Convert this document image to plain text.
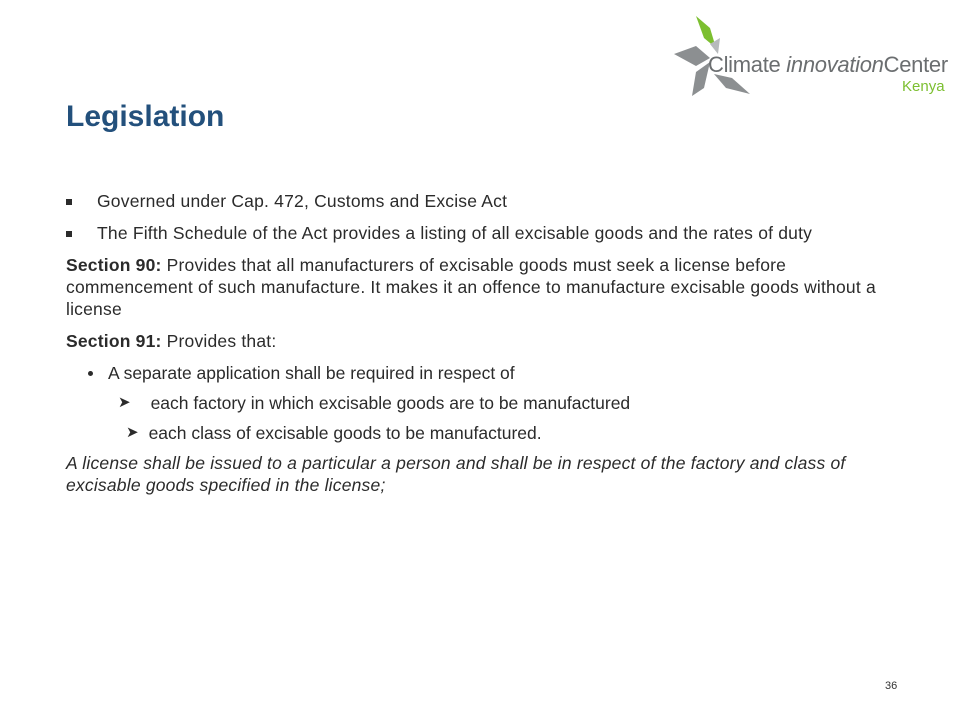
Climate innovationCenter
Kenya
Legislation
Governed under Cap. 472, Customs and Excise Act
The Fifth Schedule of the Act provides a listing of all excisable goods and the rates of duty

Section 90: Provides that all manufacturers of excisable goods must seek a license before commencement of such manufacture. It makes it an offence to manufacture excisable goods without a license

Section 91: Provides that:

A separate application shall be required in respect of
➤ each factory in which excisable goods are to be manufactured
➤ each class of excisable goods to be manufactured.
A license shall be issued to a particular a person and shall be in respect of the factory and class of excisable goods specified in the license;
36
